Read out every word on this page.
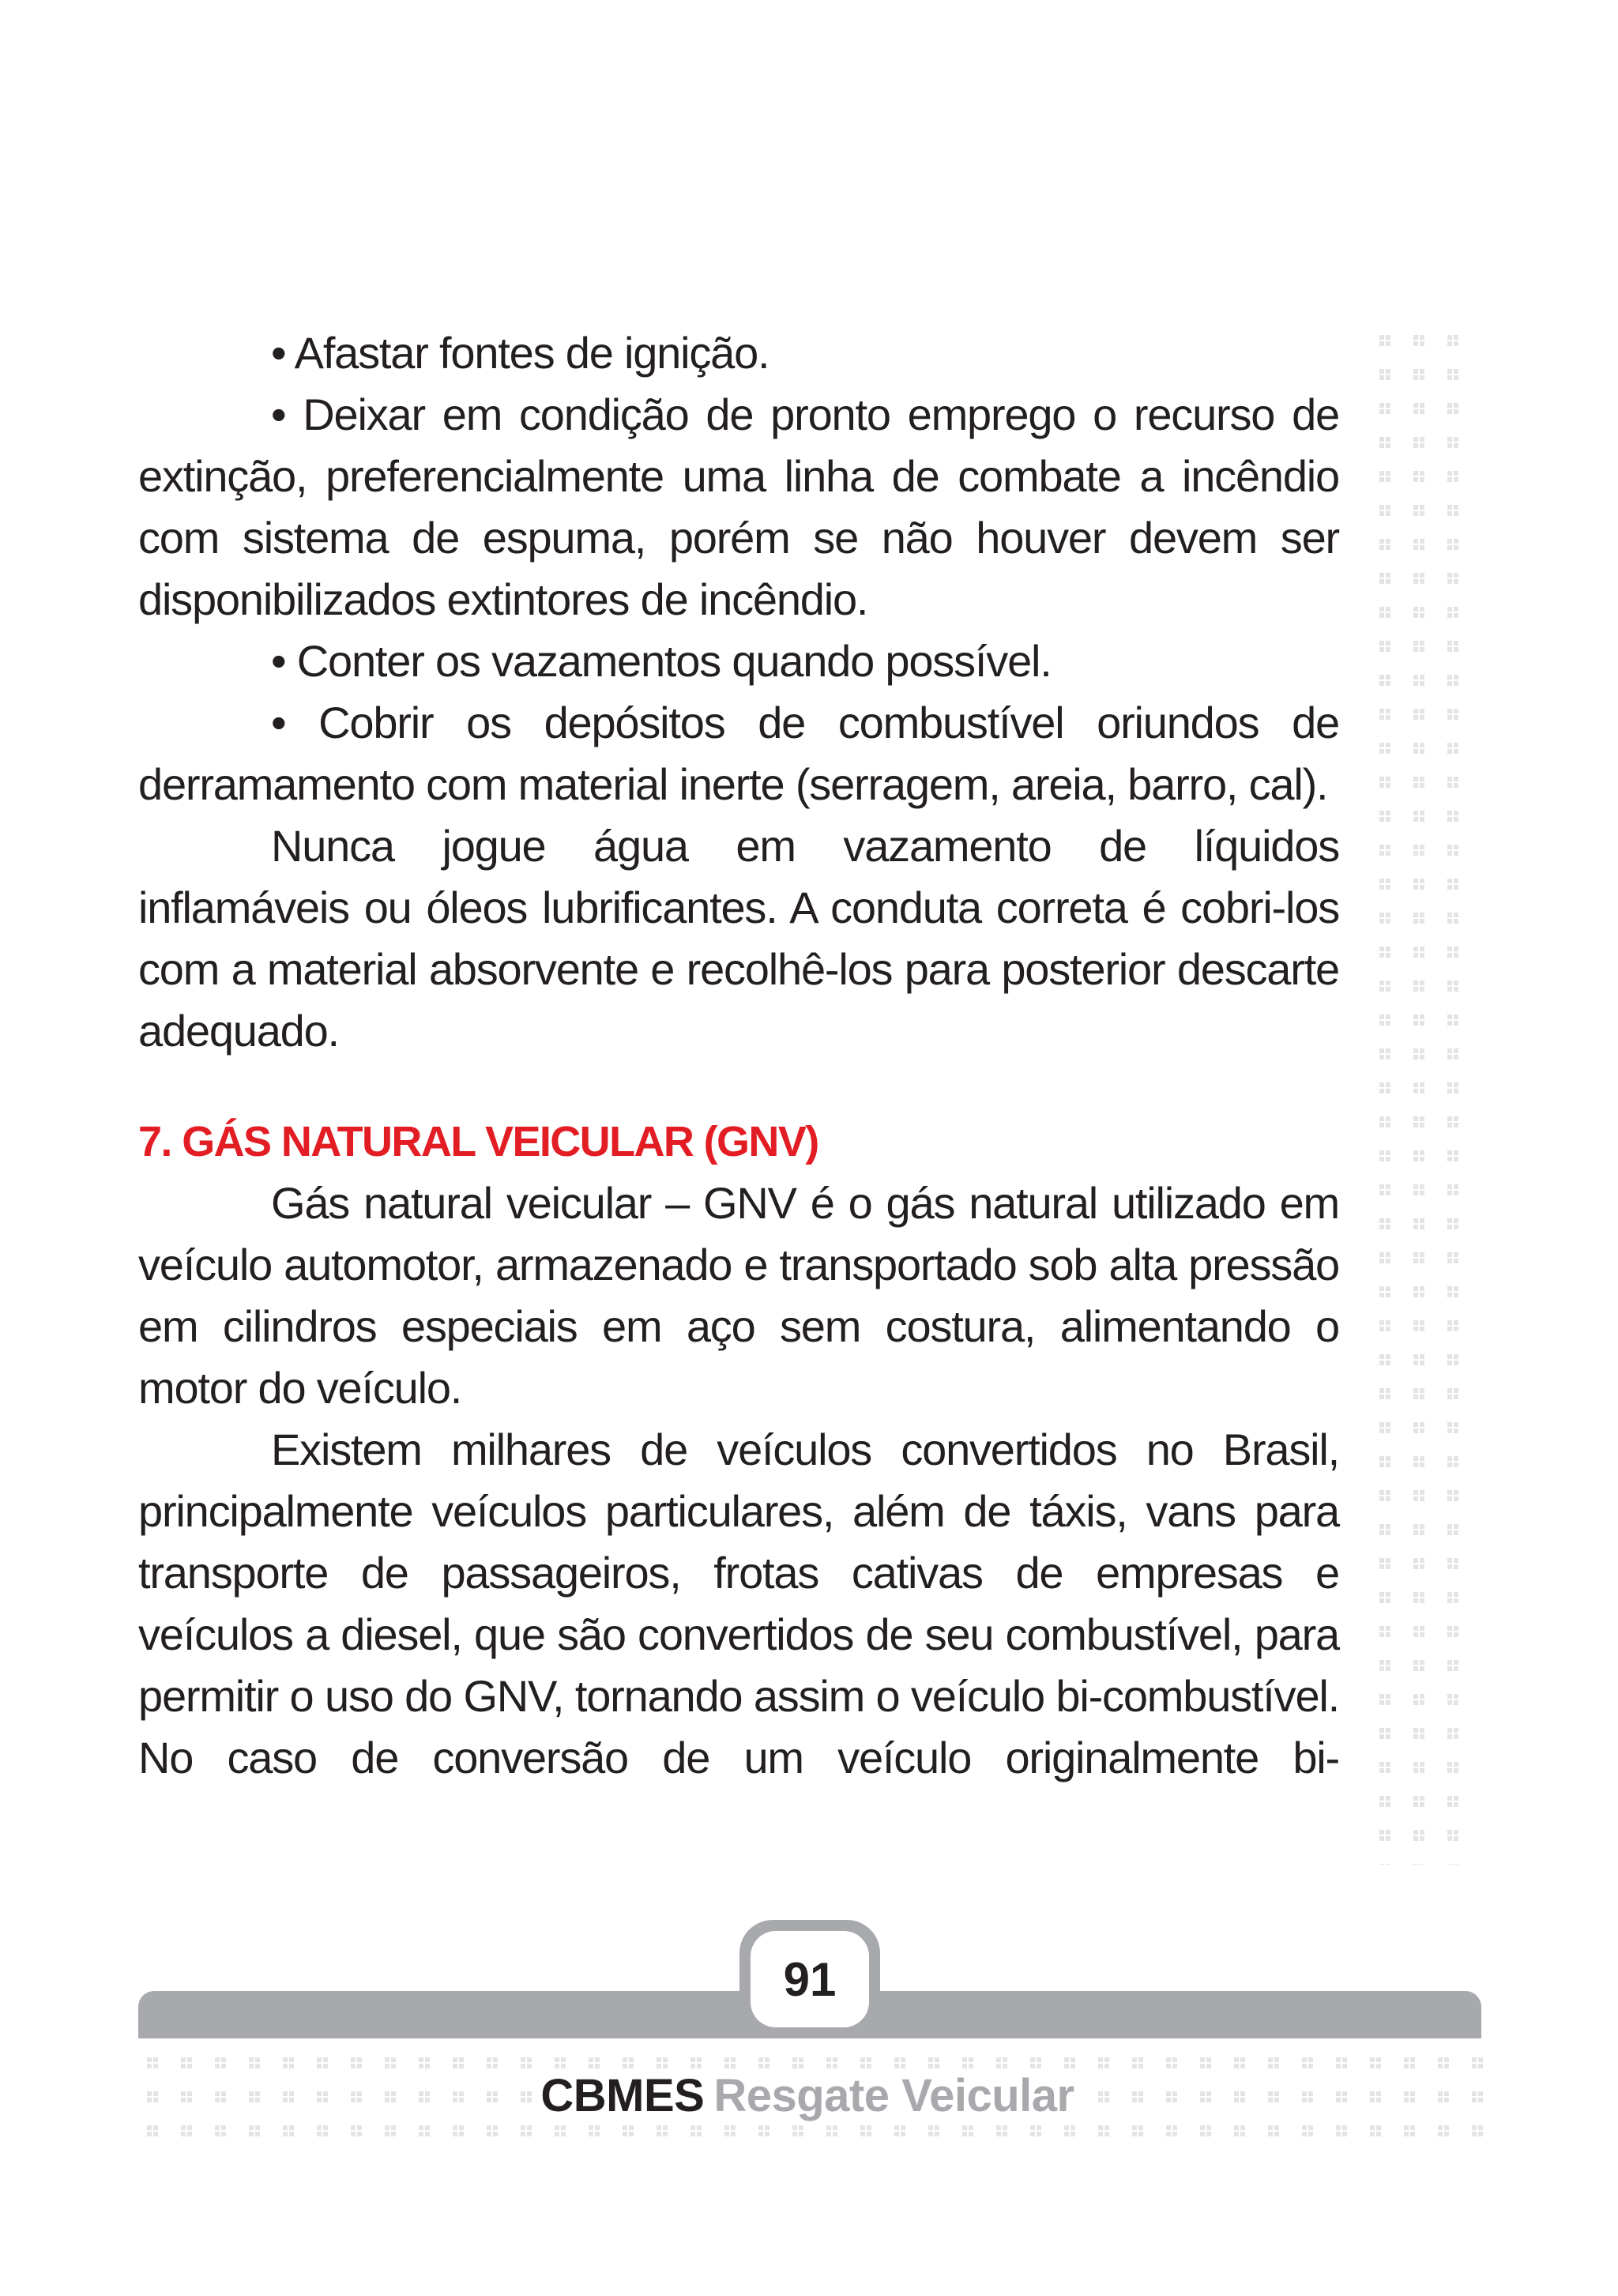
• Afastar fontes de ignição.

• Deixar em condição de pronto emprego o recurso de extinção, preferencialmente uma linha de combate a incêndio com sistema de espuma, porém se não houver devem ser disponibilizados extintores de incêndio.

• Conter os vazamentos quando possível.

• Cobrir os depósitos de combustível oriundos de derramamento com material inerte (serragem, areia, barro, cal).

Nunca jogue água em vazamento de líquidos inflamáveis ou óleos lubrificantes. A conduta correta é cobri-los com a material absorvente e recolhê-los para posterior descarte adequado.

7. GÁS NATURAL VEICULAR (GNV)

Gás natural veicular – GNV é o gás natural utilizado em veículo automotor, armazenado e transportado sob alta pressão em cilindros especiais em aço sem costura, alimentando o motor do veículo.

Existem milhares de veículos convertidos no Brasil, principalmente veículos particulares, além de táxis, vans para transporte de passageiros, frotas cativas de empresas e veículos a diesel, que são convertidos de seu combustível, para permitir o uso do GNV, tornando assim o veículo bi-combustível. No caso de conversão de um veículo originalmente bi-

91
CBMES Resgate Veicular
